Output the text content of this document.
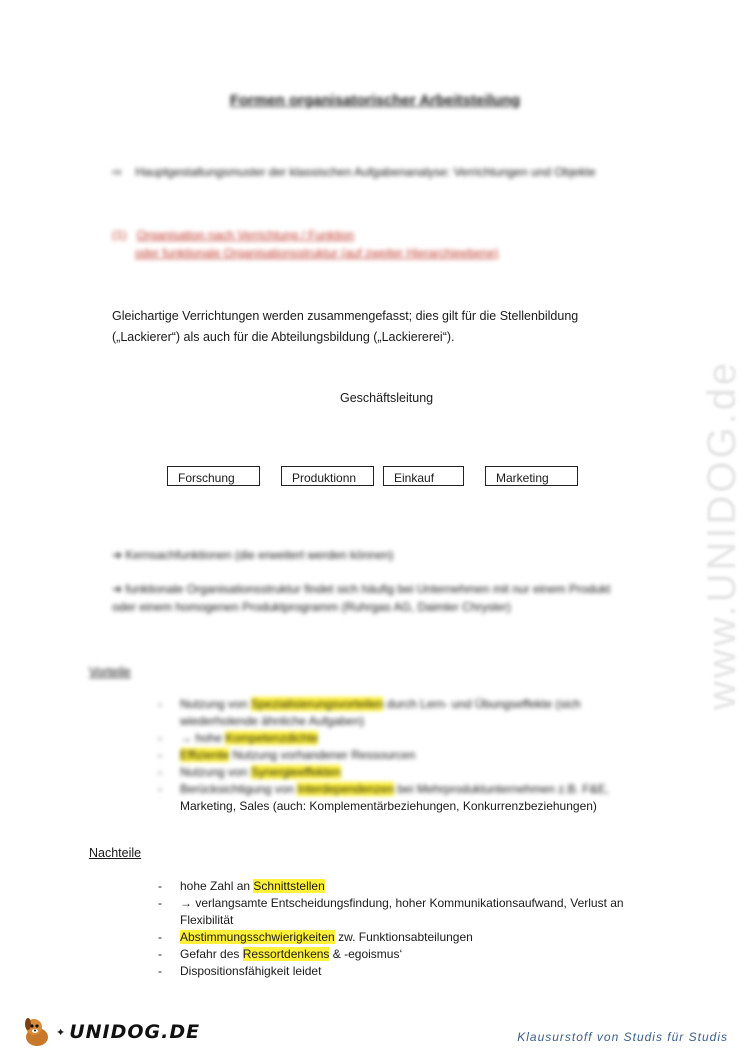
Formen organisatorischer Arbeitsteilung
⇨    Hauptgestaltungsmuster der klassischen Aufgabenanalyse: Verrichtungen und Objekte
(1) Organisation nach Verrichtung / Funktion
oder funktionale Organisationsstruktur (auf zweiter Hierarchieebene)
Gleichartige Verrichtungen werden zusammengefasst; dies gilt für die Stellenbildung
(„Lackierer“) als auch für die Abteilungsbildung („Lackiererei“).
Geschäftsleitung
Forschung	Produktionn	Einkauf	Marketing
➔ Kernsachfunktionen (die erweitert werden können)
➔ funktionale Organisationsstruktur findet sich häufig bei Unternehmen mit nur einem Produkt
oder einem homogenen Produktprogramm (Ruhrgas AG, Daimler Chrysler)
Vorteile
-	Nutzung von Spezialisierungsvorteilen durch Lern- und Übungseffekte (sich
wiederholende ähnliche Aufgaben)
-	→ hohe Kompetenzdichte
-	Effiziente Nutzung vorhandener Ressourcen
-	Nutzung von Synergieeffekten
-	Berücksichtigung von Interdependenzen bei Mehrproduktunternehmen z.B. F&E,
Marketing, Sales (auch: Komplementärbeziehungen, Konkurrenzbeziehungen)
Nachteile
-	hohe Zahl an Schnittstellen
-	→ verlangsamte Entscheidungsfindung, hoher Kommunikationsaufwand, Verlust an
Flexibilität
-	Abstimmungsschwierigkeiten zw. Funktionsabteilungen
-	Gefahr des Ressortdenkens & -egoismus‘
-	Dispositionsfähigkeit leidet
www.UNIDOG.de
✦ UNIDOG.DE	Klausurstoff von Studis für Studis
